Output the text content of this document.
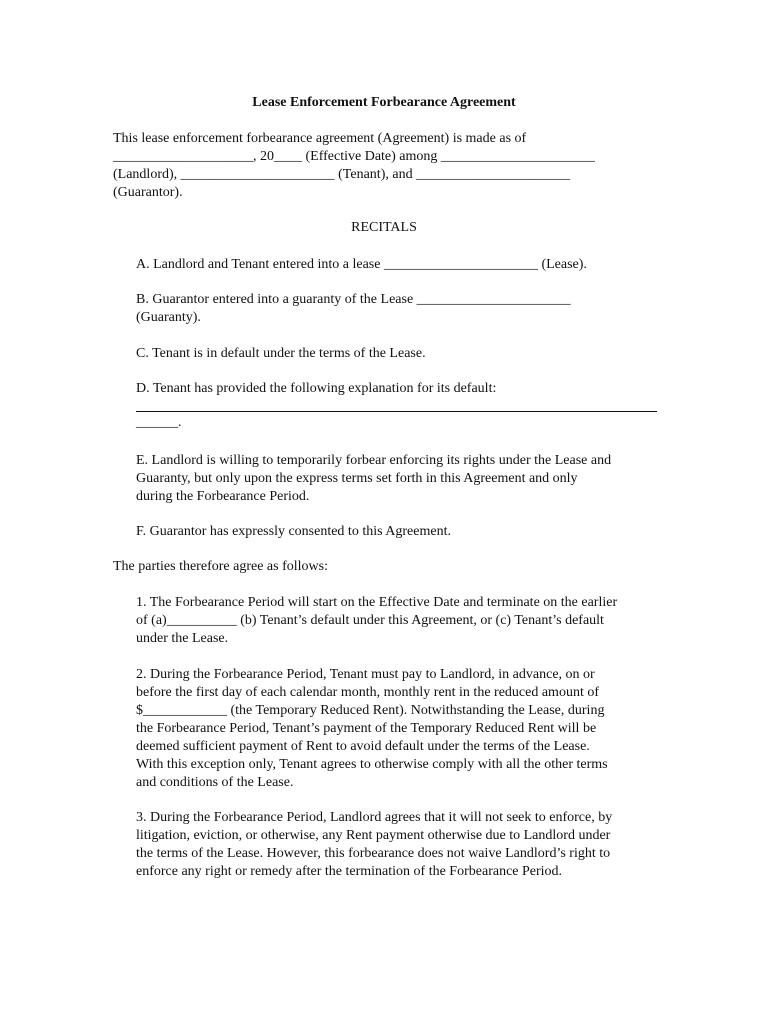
Lease Enforcement Forbearance Agreement
This lease enforcement forbearance agreement (Agreement) is made as of
____________________, 20____ (Effective Date) among ______________________
(Landlord), ______________________ (Tenant), and ______________________
(Guarantor).
RECITALS
A. Landlord and Tenant entered into a lease ______________________ (Lease).
B. Guarantor entered into a guaranty of the Lease ______________________
(Guaranty).
C. Tenant is in default under the terms of the Lease.
D. Tenant has provided the following explanation for its default:
______.
E. Landlord is willing to temporarily forbear enforcing its rights under the Lease and
Guaranty, but only upon the express terms set forth in this Agreement and only
during the Forbearance Period.
F. Guarantor has expressly consented to this Agreement.
The parties therefore agree as follows:
1. The Forbearance Period will start on the Effective Date and terminate on the earlier
of (a)__________ (b) Tenant’s default under this Agreement, or (c) Tenant’s default
under the Lease.
2. During the Forbearance Period, Tenant must pay to Landlord, in advance, on or
before the first day of each calendar month, monthly rent in the reduced amount of
$____________ (the Temporary Reduced Rent). Notwithstanding the Lease, during
the Forbearance Period, Tenant’s payment of the Temporary Reduced Rent will be
deemed sufficient payment of Rent to avoid default under the terms of the Lease.
With this exception only, Tenant agrees to otherwise comply with all the other terms
and conditions of the Lease.
3. During the Forbearance Period, Landlord agrees that it will not seek to enforce, by
litigation, eviction, or otherwise, any Rent payment otherwise due to Landlord under
the terms of the Lease. However, this forbearance does not waive Landlord’s right to
enforce any right or remedy after the termination of the Forbearance Period.
